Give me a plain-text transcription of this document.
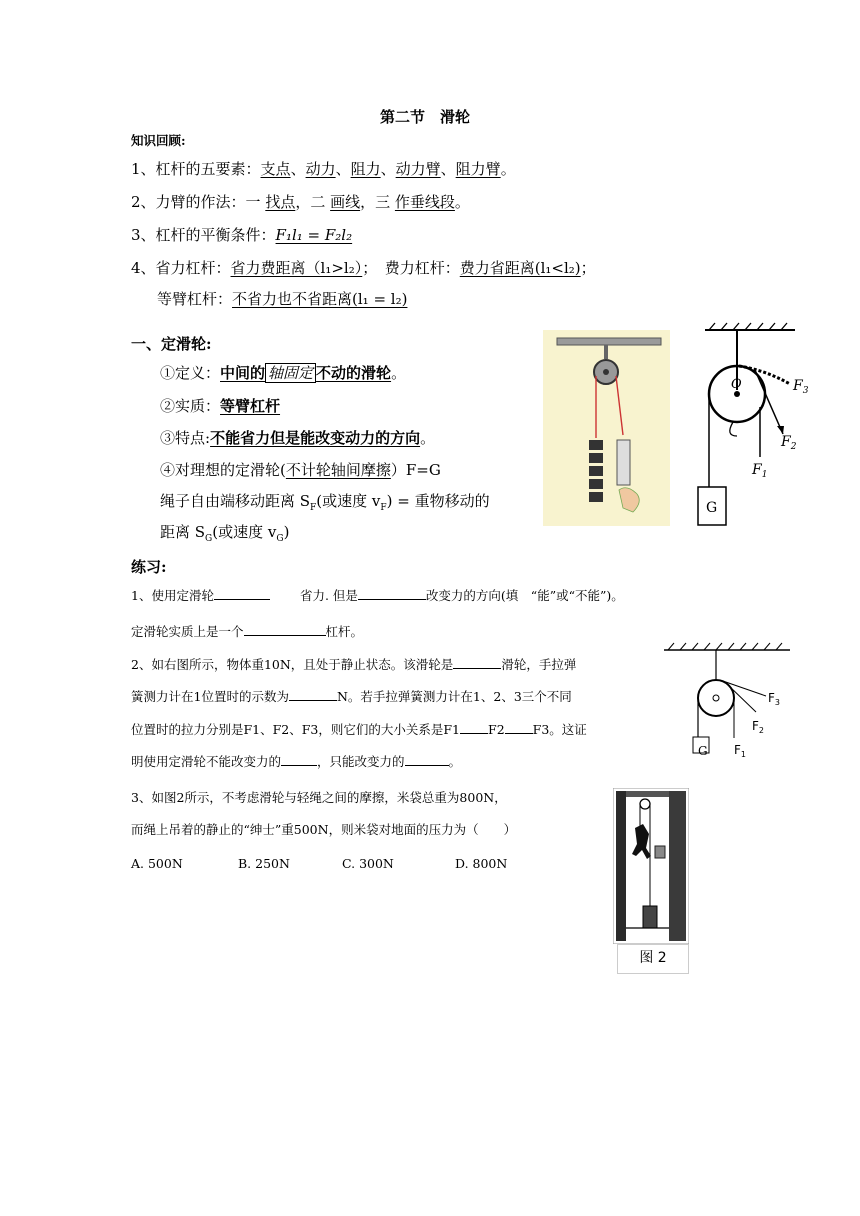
第二节　滑轮
知识回顾:
1、杠杆的五要素：支点、动力、阻力、动力臂、阻力臂。
2、力臂的作法：一 找点，二 画线，三 作垂线段。
3、杠杆的平衡条件：F₁l₁ = F₂l₂
4、省力杠杆：省力费距离（l₁>l₂）；　费力杠杆：费力省距离(l₁<l₂)；
等臂杠杆：不省力也不省距离(l₁ = l₂)
一、定滑轮:
①定义：中间的 轴固定 不动的滑轮。
②实质：等臂杠杆
③特点:不能省力但是能改变动力的方向。
④对理想的定滑轮(不计轮轴间摩擦）F=G
绳子自由端移动距离 $S_F$(或速度 $v_F$) = 重物移动的
距离 $S_G$(或速度 $v_G$)
O
G
$F_3$
$F_2$
$F_1$
练习:
1、使用定滑轮	省力. 但是	改变力的方向(填　“能”或“不能”)。
定滑轮实质上是一个	杠杆。
2、如右图所示，物体重10N，且处于静止状态。该滑轮是	滑轮，手拉弹
簧测力计在1位置时的示数为	N。若手拉弹簧测力计在1、2、3三个不同
位置时的拉力分别是F1、F2、F3，则它们的大小关系是F1 F2 F3。这证
明使用定滑轮不能改变力的	，只能改变力的	。
G
$F_3$
$F_2$
$F_1$
3、如图2所示，不考虑滑轮与轻绳之间的摩擦，米袋总重为800N，
而绳上吊着的静止的“绅士”重500N，则米袋对地面的压力为（　　）
A. 500N	B. 250N	C. 300N	D. 800N
图 2
